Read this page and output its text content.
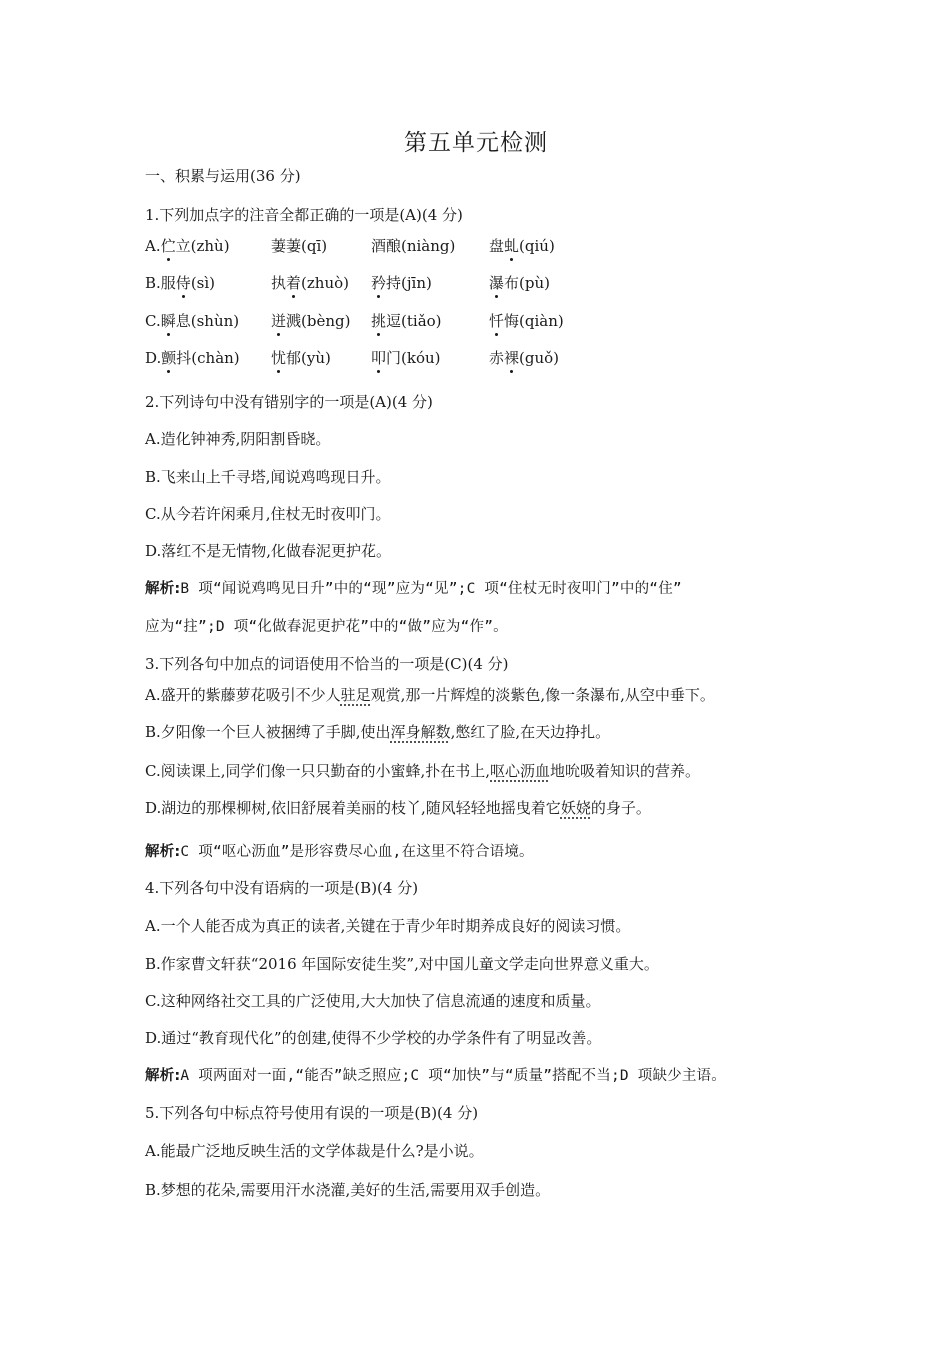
第五单元检测
一、积累与运用(36 分)
1.下列加点字的注音全都正确的一项是(A)(4 分)
A.伫立(zhù)	萋萋(qī)	酒酿(niàng) 盘虬(qiú)
B.服侍(sì)	执着(zhuò) 矜持(jīn)	瀑布(pù)
C.瞬息(shùn) 迸溅(bèng) 挑逗(tiǎo)	忏悔(qiàn)
D.颤抖(chàn) 忧郁(yù)	叩门(kóu)	赤裸(guǒ)
2.下列诗句中没有错别字的一项是(A)(4 分)
A.造化钟神秀,阴阳割昏晓。
B.飞来山上千寻塔,闻说鸡鸣现日升。
C.从今若许闲乘月,住杖无时夜叩门。
D.落红不是无情物,化做春泥更护花。
解析:B 项“闻说鸡鸣见日升”中的“现”应为“见”;C 项“住杖无时夜叩门”中的“住”
应为“拄”;D 项“化做春泥更护花”中的“做”应为“作”。
3.下列各句中加点的词语使用不恰当的一项是(C)(4 分)
A.盛开的紫藤萝花吸引不少人驻足观赏,那一片辉煌的淡紫色,像一条瀑布,从空中垂下。
B.夕阳像一个巨人被捆缚了手脚,使出浑身解数,憋红了脸,在天边挣扎。
C.阅读课上,同学们像一只只勤奋的小蜜蜂,扑在书上,呕心沥血地吮吸着知识的营养。
D.湖边的那棵柳树,依旧舒展着美丽的枝丫,随风轻轻地摇曳着它妖娆的身子。
解析:C 项“呕心沥血”是形容费尽心血,在这里不符合语境。
4.下列各句中没有语病的一项是(B)(4 分)
A.一个人能否成为真正的读者,关键在于青少年时期养成良好的阅读习惯。
B.作家曹文轩获“2016 年国际安徒生奖”,对中国儿童文学走向世界意义重大。
C.这种网络社交工具的广泛使用,大大加快了信息流通的速度和质量。
D.通过“教育现代化”的创建,使得不少学校的办学条件有了明显改善。
解析:A 项两面对一面,“能否”缺乏照应;C 项“加快”与“质量”搭配不当;D 项缺少主语。
5.下列各句中标点符号使用有误的一项是(B)(4 分)
A.能最广泛地反映生活的文学体裁是什么?是小说。
B.梦想的花朵,需要用汗水浇灌,美好的生活,需要用双手创造。
